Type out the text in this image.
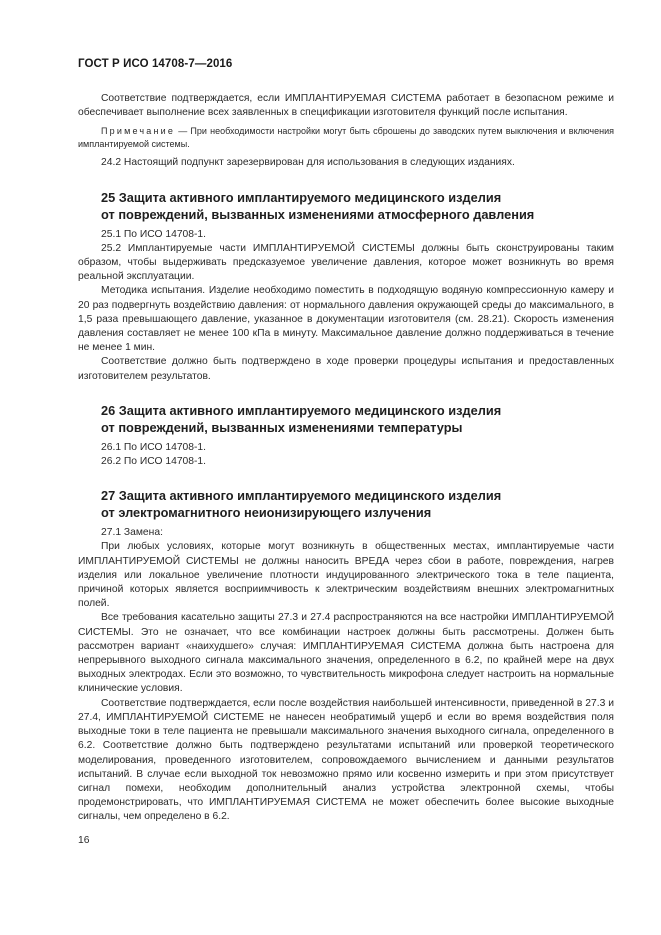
ГОСТ Р ИСО 14708-7—2016

Соответствие подтверждается, если ИМПЛАНТИРУЕМАЯ СИСТЕМА работает в безопасном режиме и обеспечивает выполнение всех заявленных в спецификации изготовителя функций после испытания.

Примечание — При необходимости настройки могут быть сброшены до заводских путем выключения и включения имплантируемой системы.

24.2 Настоящий подпункт зарезервирован для использования в следующих изданиях.

25 Защита активного имплантируемого медицинского изделия
от повреждений, вызванных изменениями атмосферного давления

25.1 По ИСО 14708-1.

25.2 Имплантируемые части ИМПЛАНТИРУЕМОЙ СИСТЕМЫ должны быть сконструированы таким образом, чтобы выдерживать предсказуемое увеличение давления, которое может возникнуть во время реальной эксплуатации.

Методика испытания. Изделие необходимо поместить в подходящую водяную компрессионную камеру и 20 раз подвергнуть воздействию давления: от нормального давления окружающей среды до максимального, в 1,5 раза превышающего давление, указанное в документации изготовителя (см. 28.21). Скорость изменения давления составляет не менее 100 кПа в минуту. Максимальное давление должно поддерживаться в течение не менее 1 мин.

Соответствие должно быть подтверждено в ходе проверки процедуры испытания и предоставленных изготовителем результатов.

26 Защита активного имплантируемого медицинского изделия
от повреждений, вызванных изменениями температуры

26.1 По ИСО 14708-1.

26.2 По ИСО 14708-1.

27 Защита активного имплантируемого медицинского изделия
от электромагнитного неионизирующего излучения

27.1 Замена:

При любых условиях, которые могут возникнуть в общественных местах, имплантируемые части ИМПЛАНТИРУЕМОЙ СИСТЕМЫ не должны наносить ВРЕДА через сбои в работе, повреждения, нагрев изделия или локальное увеличение плотности индуцированного электрического тока в теле пациента, причиной которых является восприимчивость к электрическим воздействиям внешних электромагнитных полей.

Все требования касательно защиты 27.3 и 27.4 распространяются на все настройки ИМПЛАНТИРУЕМОЙ СИСТЕМЫ. Это не означает, что все комбинации настроек должны быть рассмотрены. Должен быть рассмотрен вариант «наихудшего» случая: ИМПЛАНТИРУЕМАЯ СИСТЕМА должна быть настроена для непрерывного выходного сигнала максимального значения, определенного в 6.2, по крайней мере на двух выходных электродах. Если это возможно, то чувствительность микрофона следует настроить на нормальные клинические условия.

Соответствие подтверждается, если после воздействия наибольшей интенсивности, приведенной в 27.3 и 27.4, ИМПЛАНТИРУЕМОЙ СИСТЕМЕ не нанесен необратимый ущерб и если во время воздействия поля выходные токи в теле пациента не превышали максимального значения выходного сигнала, определенного в 6.2. Соответствие должно быть подтверждено результатами испытаний или проверкой теоретического моделирования, проведенного изготовителем, сопровождаемого вычислением и данными результатов испытаний. В случае если выходной ток невозможно прямо или косвенно измерить и при этом присутствует сигнал помехи, необходим дополнительный анализ устройства электронной схемы, чтобы продемонстрировать, что ИМПЛАНТИРУЕМАЯ СИСТЕМА не может обеспечить более высокие выходные сигналы, чем определено в 6.2.

16
